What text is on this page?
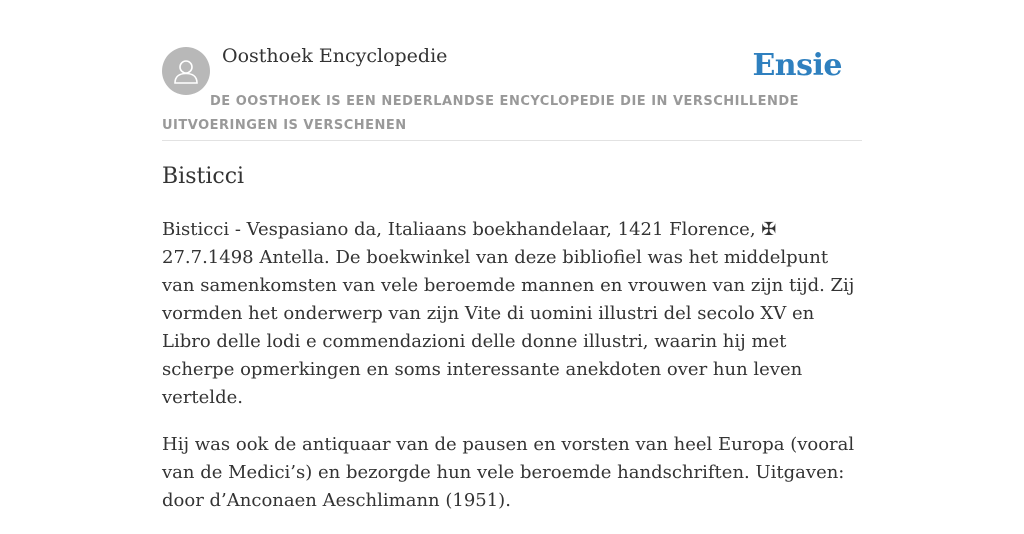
Oosthoek Encyclopedie	Ensie
DE OOSTHOEK IS EEN NEDERLANDSE ENCYCLOPEDIE DIE IN VERSCHILLENDE UITVOERINGEN IS VERSCHENEN
Bisticci

Bisticci - Vespasiano da, Italiaans boekhandelaar, 1421 Florence, ✠ 27.7.1498 Antella. De boekwinkel van deze bibliofiel was het middelpunt van samenkomsten van vele beroemde mannen en vrouwen van zijn tijd. Zij vormden het onderwerp van zijn Vite di uomini illustri del secolo XV en Libro delle lodi e commendazioni delle donne illustri, waarin hij met scherpe opmerkingen en soms interessante anekdoten over hun leven vertelde.

Hij was ook de antiquaar van de pausen en vorsten van heel Europa (vooral van de Medici’s) en bezorgde hun vele beroemde handschriften. Uitgaven: door d’Anconaen Aeschlimann (1951).
